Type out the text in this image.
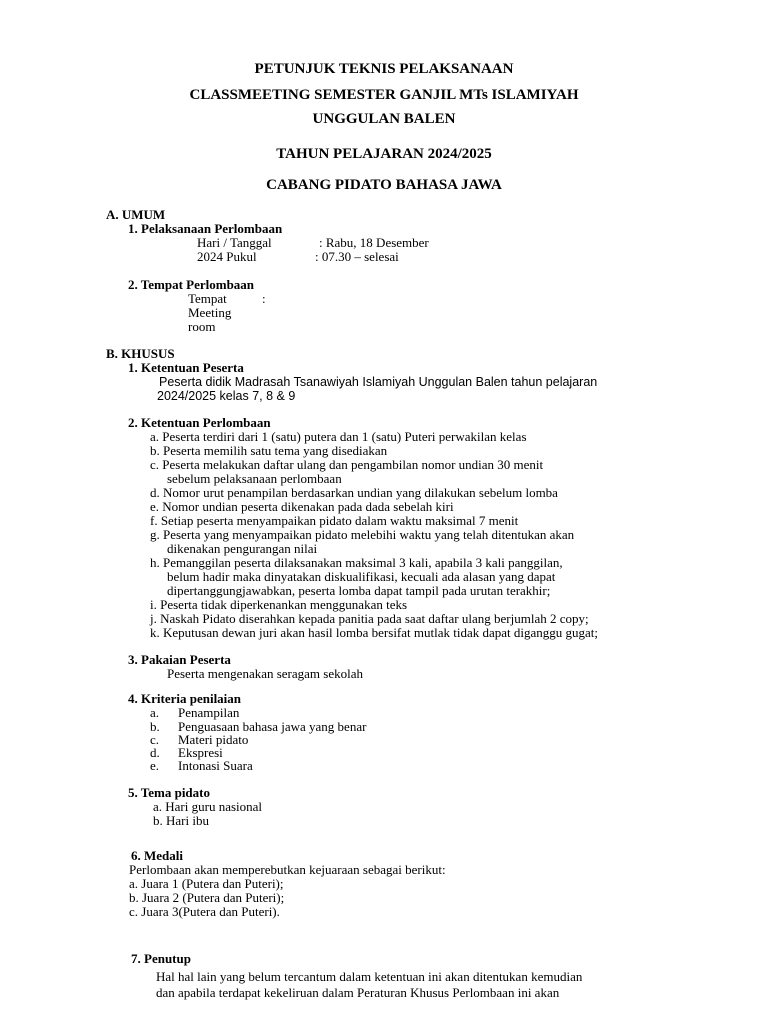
PETUNJUK TEKNIS PELAKSANAAN
CLASSMEETING SEMESTER GANJIL MTs ISLAMIYAH
UNGGULAN BALEN
TAHUN PELAJARAN 2024/2025
CABANG PIDATO BAHASA JAWA
A. UMUM
1. Pelaksanaan Perlombaan
Hari / Tanggal	: Rabu, 18 Desember
2024 Pukul	: 07.30 – selesai
2. Tempat Perlombaan
Tempat	:
Meeting
room
B. KHUSUS
1. Ketentuan Peserta
Peserta didik Madrasah Tsanawiyah Islamiyah Unggulan Balen tahun pelajaran
2024/2025 kelas 7, 8 & 9
2. Ketentuan Perlombaan
a. Peserta terdiri dari 1 (satu) putera dan 1 (satu) Puteri perwakilan kelas
b. Peserta memilih satu tema yang disediakan
c. Peserta melakukan daftar ulang dan pengambilan nomor undian 30 menit
sebelum pelaksanaan perlombaan
d. Nomor urut penampilan berdasarkan undian yang dilakukan sebelum lomba
e. Nomor undian peserta dikenakan pada dada sebelah kiri
f. Setiap peserta menyampaikan pidato dalam waktu maksimal 7 menit
g. Peserta yang menyampaikan pidato melebihi waktu yang telah ditentukan akan
dikenakan pengurangan nilai
h. Pemanggilan peserta dilaksanakan maksimal 3 kali, apabila 3 kali panggilan,
belum hadir maka dinyatakan diskualifikasi, kecuali ada alasan yang dapat
dipertanggungjawabkan, peserta lomba dapat tampil pada urutan terakhir;
i. Peserta tidak diperkenankan menggunakan teks
j. Naskah Pidato diserahkan kepada panitia pada saat daftar ulang berjumlah 2 copy;
k. Keputusan dewan juri akan hasil lomba bersifat mutlak tidak dapat diganggu gugat;
3. Pakaian Peserta
Peserta mengenakan seragam sekolah
4. Kriteria penilaian
a. Penampilan
b. Penguasaan bahasa jawa yang benar
c. Materi pidato
d. Ekspresi
e. Intonasi Suara
5. Tema pidato
a. Hari guru nasional
b. Hari ibu
6. Medali
Perlombaan akan memperebutkan kejuaraan sebagai berikut:
a. Juara 1 (Putera dan Puteri);
b. Juara 2 (Putera dan Puteri);
c. Juara 3(Putera dan Puteri).
7. Penutup
Hal hal lain yang belum tercantum dalam ketentuan ini akan ditentukan kemudian
dan apabila terdapat kekeliruan dalam Peraturan Khusus Perlombaan ini akan
